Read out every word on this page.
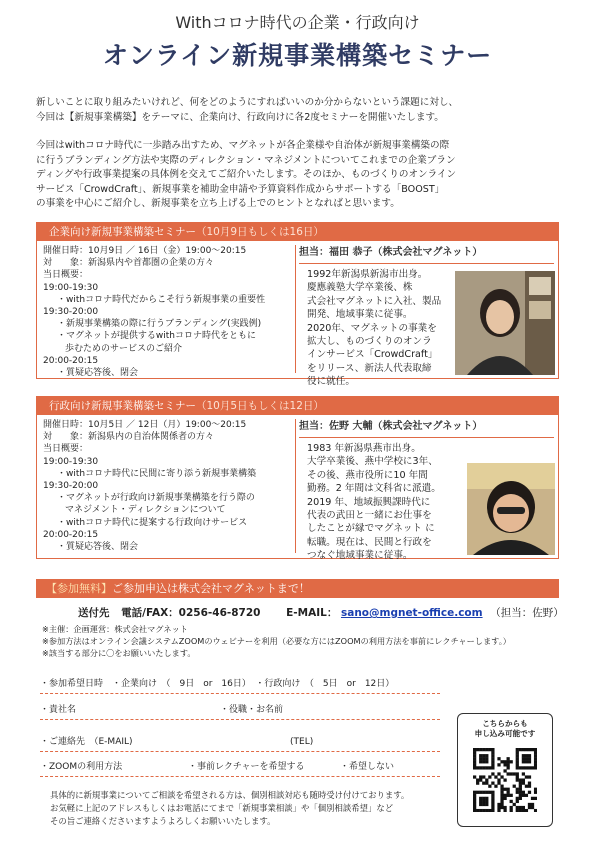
Withコロナ時代の企業・行政向け
オンライン新規事業構築セミナー
新しいことに取り組みたいけれど、何をどのようにすればいいのか分からないという課題に対し、
今回は【新規事業構築】をテーマに、企業向け、行政向けに各2度セミナーを開催いたします。
今回はwithコロナ時代に一歩踏み出すため、マグネットが各企業様や自治体が新規事業構築の際
に行うブランディング方法や実際のディレクション・マネジメントについてこれまでの企業ブラン
ディングや行政事業提案の具体例を交えてご紹介いたします。そのほか、ものづくりのオンライン
サービス「CrowdCraft」、新規事業を補助金申請や予算資料作成からサポートする「BOOST」
の事業を中心にご紹介し、新規事業を立ち上げる上でのヒントとなればと思います。
企業向け新規事業構築セミナー（10月9日もしくは16日）
開催日時：10月9日 ／ 16日（金）19:00～20:15
対　　象：新潟県内や首都圏の企業の方々
当日概要：
19:00-19:30
・withコロナ時代だからこそ行う新規事業の重要性
19:30-20:00
・新規事業構築の際に行うブランディング(実践例)
・マグネットが提供するwithコロナ時代をともに
歩むためのサービスのご紹介
20:00-20:15
・質疑応答後、閉会
担当：福田 恭子（株式会社マグネット）
1992年新潟県新潟市出身。
慶應義塾大学卒業後、株
式会社マグネットに入社、製品
開発、地域事業に従事。
2020年、マグネットの事業を
拡大し、ものづくりのオンラ
インサービス「CrowdCraft」
をリリース、新法人代表取締
役に就任。
行政向け新規事業構築セミナー（10月5日もしくは12日）
開催日時：10月5日 ／ 12日（月）19:00～20:15
対　　象：新潟県内の自治体関係者の方々
当日概要：
19:00-19:30
・withコロナ時代に民間に寄り添う新規事業構築
19:30-20:00
・マグネットが行政向け新規事業構築を行う際の
マネジメント・ディレクションについて
・withコロナ時代に提案する行政向けサービス
20:00-20:15
・質疑応答後、閉会
担当：佐野 大輔（株式会社マグネット）
1983 年新潟県燕市出身。
大学卒業後、燕中学校に3年、
その後、燕市役所に10 年間
勤務。2 年間は文科省に派遣。
2019 年、地域振興課時代に
代表の武田と一緒にお仕事を
したことが縁でマグネット に
転職。現在は、民間と行政を
つなぐ地域事業に従事。
【参加無料】ご参加申込は株式会社マグネットまで！
送付先 電話/FAX：0256-46-8720 E-MAIL： sano@mgnet-office.com （担当：佐野）
※主催：企画運営：株式会社マグネット
※参加方法はオンライン会議システムZOOMのウェビナーを利用（必要な方にはZOOMの利用方法を事前にレクチャーします。）
※該当する部分に〇をお願いいたします。
・参加希望日時　・企業向け　（　9日　or　16日）　・行政向け　（　5日　or　12日）
・貴社名	・役職・お名前
・ご連絡先　（E-MAIL)	(TEL)
・ZOOMの利用方法	・事前レクチャーを希望する	・希望しない
具体的に新規事業についてご相談を希望される方は、個別相談対応も随時受け付けております。
お気軽に上記のアドレスもしくはお電話にてまで「新規事業相談」や「個別相談希望」など
その旨ご連絡くださいますようよろしくお願いいたします。
こちらからも
申し込み可能です
